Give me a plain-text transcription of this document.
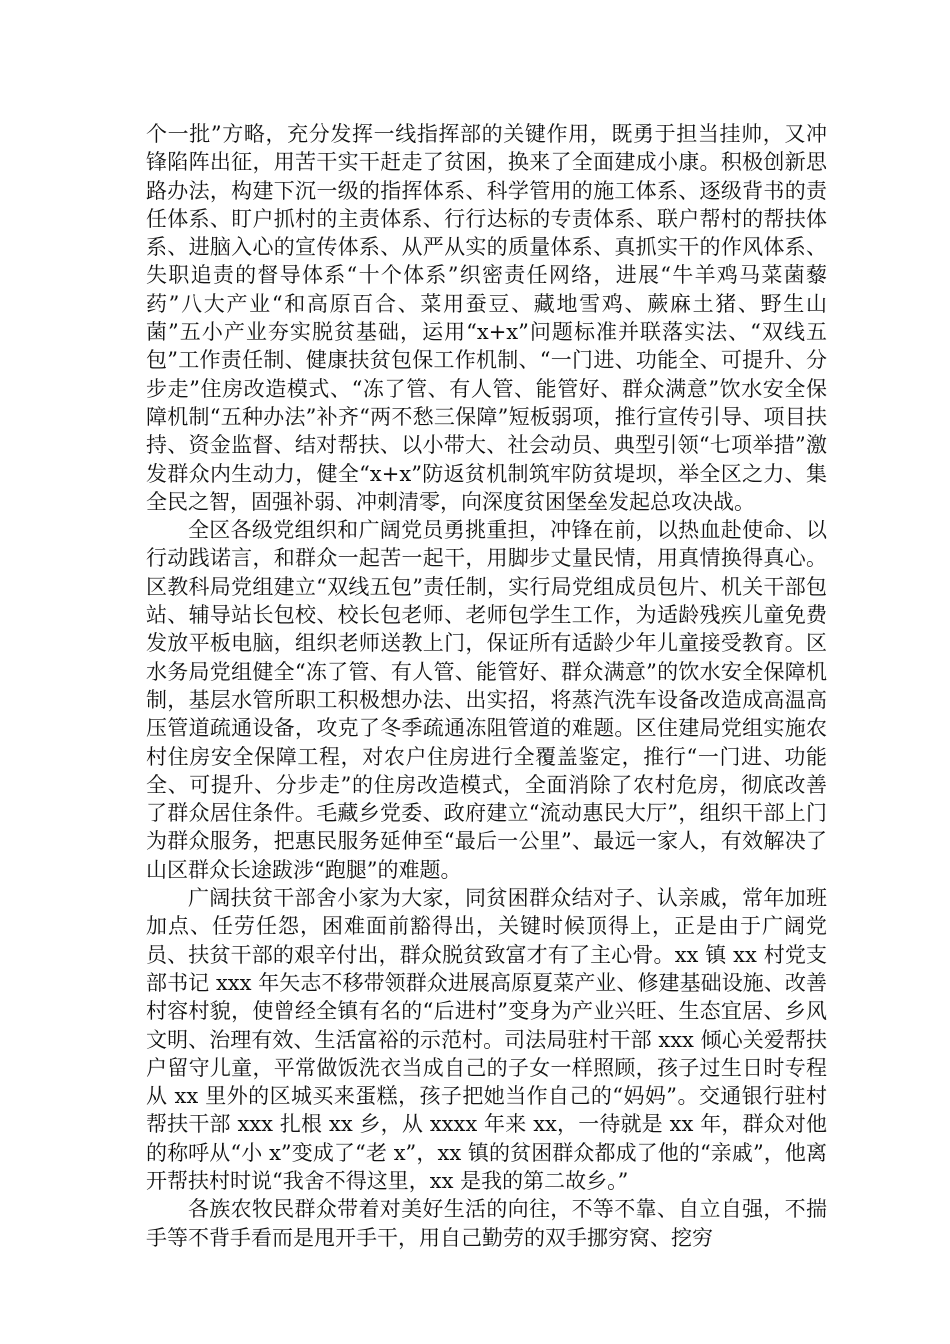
个一批”方略，充分发挥一线指挥部的关键作用，既勇于担当挂帅，又冲锋陷阵出征，用苦干实干赶走了贫困，换来了全面建成小康。积极创新思路办法，构建下沉一级的指挥体系、科学管用的施工体系、逐级背书的责任体系、盯户抓村的主责体系、行行达标的专责体系、联户帮村的帮扶体系、进脑入心的宣传体系、从严从实的质量体系、真抓实干的作风体系、失职追责的督导体系“十个体系”织密责任网络，进展“牛羊鸡马菜菌藜药”八大产业“和高原百合、菜用蚕豆、藏地雪鸡、蕨麻土猪、野生山菌”五小产业夯实脱贫基础，运用“x+x”问题标准并联落实法、“双线五包”工作责任制、健康扶贫包保工作机制、“一门进、功能全、可提升、分步走”住房改造模式、“冻了管、有人管、能管好、群众满意”饮水安全保障机制“五种办法”补齐“两不愁三保障”短板弱项，推行宣传引导、项目扶持、资金监督、结对帮扶、以小带大、社会动员、典型引领“七项举措”激发群众内生动力，健全“x+x”防返贫机制筑牢防贫堤坝，举全区之力、集全民之智，固强补弱、冲刺清零，向深度贫困堡垒发起总攻决战。

全区各级党组织和广阔党员勇挑重担，冲锋在前，以热血赴使命、以行动践诺言，和群众一起苦一起干，用脚步丈量民情，用真情换得真心。区教科局党组建立“双线五包”责任制，实行局党组成员包片、机关干部包站、辅导站长包校、校长包老师、老师包学生工作，为适龄残疾儿童免费发放平板电脑，组织老师送教上门，保证所有适龄少年儿童接受教育。区水务局党组健全“冻了管、有人管、能管好、群众满意”的饮水安全保障机制，基层水管所职工积极想办法、出实招，将蒸汽洗车设备改造成高温高压管道疏通设备，攻克了冬季疏通冻阻管道的难题。区住建局党组实施农村住房安全保障工程，对农户住房进行全覆盖鉴定，推行“一门进、功能全、可提升、分步走”的住房改造模式，全面消除了农村危房，彻底改善了群众居住条件。毛藏乡党委、政府建立“流动惠民大厅”，组织干部上门为群众服务，把惠民服务延伸至“最后一公里”、最远一家人，有效解决了山区群众长途跋涉“跑腿”的难题。

广阔扶贫干部舍小家为大家，同贫困群众结对子、认亲戚，常年加班加点、任劳任怨，困难面前豁得出，关键时候顶得上，正是由于广阔党员、扶贫干部的艰辛付出，群众脱贫致富才有了主心骨。xx 镇 xx 村党支部书记 xxx 年矢志不移带领群众进展高原夏菜产业、修建基础设施、改善村容村貌，使曾经全镇有名的“后进村”变身为产业兴旺、生态宜居、乡风文明、治理有效、生活富裕的示范村。司法局驻村干部 xxx 倾心关爱帮扶户留守儿童，平常做饭洗衣当成自己的子女一样照顾，孩子过生日时专程从 xx 里外的区城买来蛋糕，孩子把她当作自己的“妈妈”。交通银行驻村帮扶干部 xxx 扎根 xx 乡，从 xxxx 年来 xx，一待就是 xx 年，群众对他的称呼从“小 x”变成了“老 x”，xx 镇的贫困群众都成了他的“亲戚”，他离开帮扶村时说“我舍不得这里，xx 是我的第二故乡。”

各族农牧民群众带着对美好生活的向往，不等不靠、自立自强，不揣手等不背手看而是甩开手干，用自己勤劳的双手挪穷窝、挖穷
